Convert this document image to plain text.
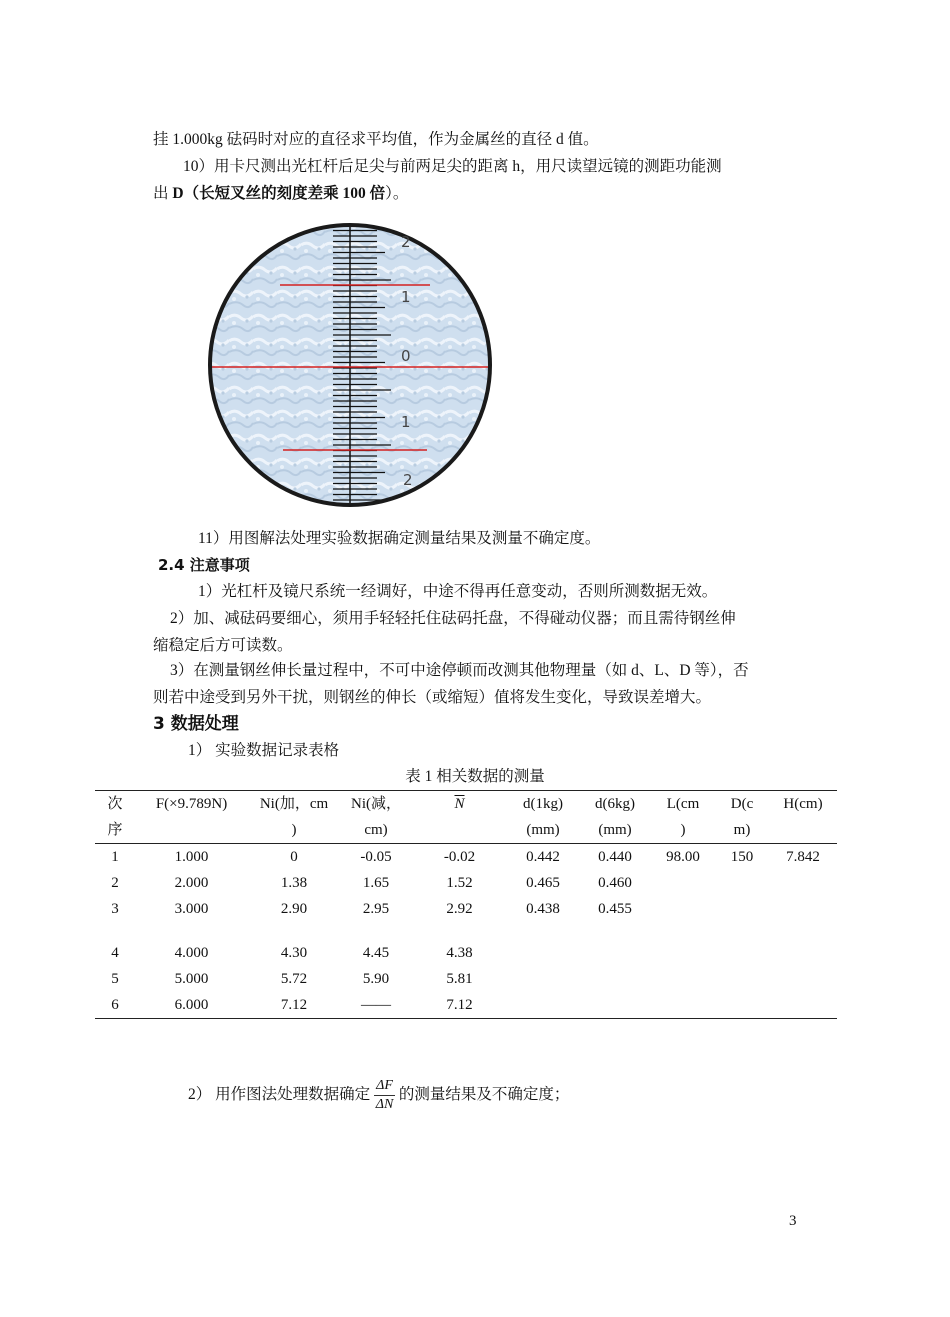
挂 1.000kg 砝码时对应的直径求平均值，作为金属丝的直径 d 值。
10）用卡尺测出光杠杆后足尖与前两足尖的距离 h，用尺读望远镜的测距功能测
出 D（长短叉丝的刻度差乘 100 倍）。
2
1
0
1
2
11）用图解法处理实验数据确定测量结果及测量不确定度。
2.4 注意事项
1）光杠杆及镜尺系统一经调好，中途不得再任意变动，否则所测数据无效。
2）加、减砝码要细心，须用手轻轻托住砝码托盘，不得碰动仪器；而且需待钢丝伸
缩稳定后方可读数。
3）在测量钢丝伸长量过程中，不可中途停顿而改测其他物理量（如 d、L、D 等），否
则若中途受到另外干扰，则钢丝的伸长（或缩短）值将发生变化，导致误差增大。
3 数据处理
1） 实验数据记录表格
表 1 相关数据的测量
次	F(×9.789N)	Ni(加，cm	Ni(减，	$\overline{N}$	d(1kg)	d(6kg)	L(cm	D(c	H(cm)
序		)	cm)		(mm)	(mm)	)	m)	
1	1.000	0	-0.05	-0.02	0.442	0.440	98.00	150	7.842
2	2.000	1.38	1.65	1.52	0.465	0.460			
3	3.000	2.90	2.95	2.92	0.438	0.455			
4	4.000	4.30	4.45	4.38					
5	5.000	5.72	5.90	5.81					
6	6.000	7.12	——	7.12					
2） 用作图法处理数据确定 $\frac{\Delta F}{\Delta N}$ 的测量结果及不确定度；
3
